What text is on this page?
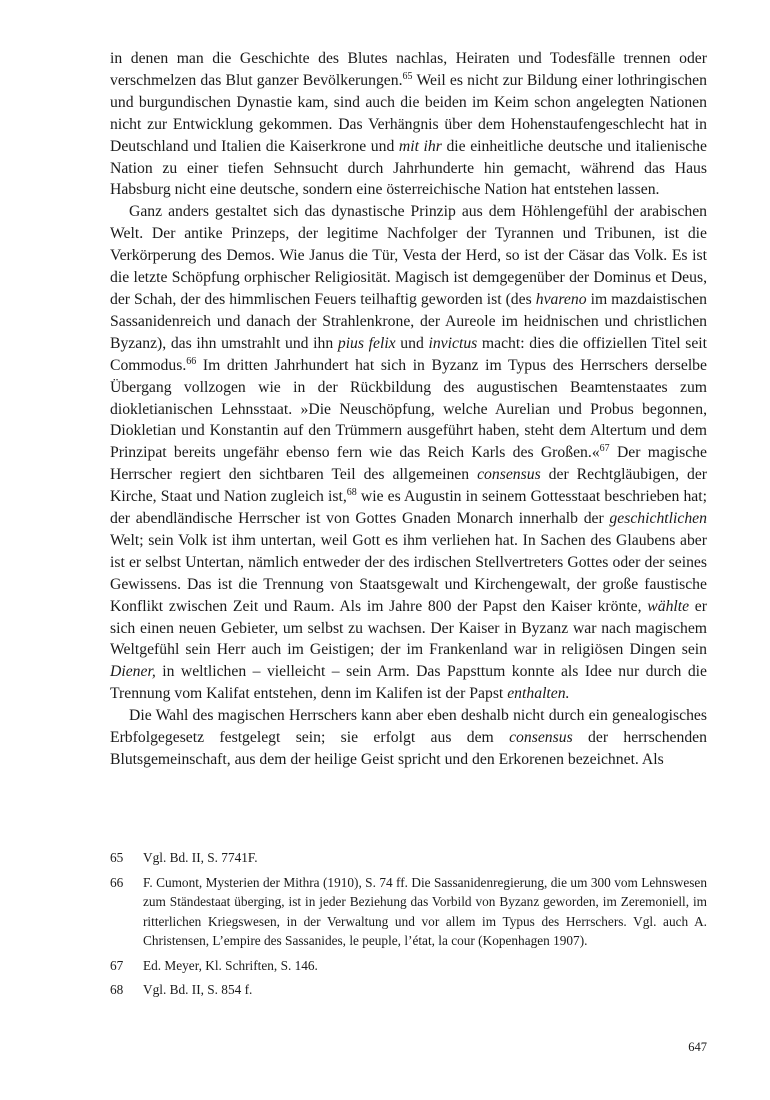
in denen man die Geschichte des Blutes nachlas, Heiraten und Todesfälle trennen oder verschmelzen das Blut ganzer Bevölkerungen.$^{65}$ Weil es nicht zur Bildung einer lothringischen und burgundischen Dynastie kam, sind auch die beiden im Keim schon angelegten Nationen nicht zur Entwicklung gekommen. Das Verhängnis über dem Hohenstaufengeschlecht hat in Deutschland und Italien die Kaiserkrone und mit ihr die einheitliche deutsche und italienische Nation zu einer tiefen Sehnsucht durch Jahrhunderte hin gemacht, während das Haus Habsburg nicht eine deutsche, sondern eine österreichische Nation hat entstehen lassen.

Ganz anders gestaltet sich das dynastische Prinzip aus dem Höhlengefühl der arabischen Welt. Der antike Prinzeps, der legitime Nachfolger der Tyrannen und Tribunen, ist die Verkörperung des Demos. Wie Janus die Tür, Vesta der Herd, so ist der Cäsar das Volk. Es ist die letzte Schöpfung orphischer Religiosität. Magisch ist demgegenüber der Dominus et Deus, der Schah, der des himmlischen Feuers teilhaftig geworden ist (des hvareno im mazdaistischen Sassanidenreich und danach der Strahlenkrone, der Aureole im heidnischen und christlichen Byzanz), das ihn umstrahlt und ihn pius felix und invictus macht: dies die offiziellen Titel seit Commodus.$^{66}$ Im dritten Jahrhundert hat sich in Byzanz im Typus des Herrschers derselbe Übergang vollzogen wie in der Rückbildung des augustischen Beamtenstaates zum diokletianischen Lehnsstaat. »Die Neuschöpfung, welche Aurelian und Probus begonnen, Diokletian und Konstantin auf den Trümmern ausgeführt haben, steht dem Altertum und dem Prinzipat bereits ungefähr ebenso fern wie das Reich Karls des Großen.«$^{67}$ Der magische Herrscher regiert den sichtbaren Teil des allgemeinen consensus der Rechtgläubigen, der Kirche, Staat und Nation zugleich ist,$^{68}$ wie es Augustin in seinem Gottesstaat beschrieben hat; der abendländische Herrscher ist von Gottes Gnaden Monarch innerhalb der geschichtlichen Welt; sein Volk ist ihm untertan, weil Gott es ihm verliehen hat. In Sachen des Glaubens aber ist er selbst Untertan, nämlich entweder der des irdischen Stellvertreters Gottes oder der seines Gewissens. Das ist die Trennung von Staatsgewalt und Kirchengewalt, der große faustische Konflikt zwischen Zeit und Raum. Als im Jahre 800 der Papst den Kaiser krönte, wählte er sich einen neuen Gebieter, um selbst zu wachsen. Der Kaiser in Byzanz war nach magischem Weltgefühl sein Herr auch im Geistigen; der im Frankenland war in religiösen Dingen sein Diener, in weltlichen – vielleicht – sein Arm. Das Papsttum konnte als Idee nur durch die Trennung vom Kalifat entstehen, denn im Kalifen ist der Papst enthalten.

Die Wahl des magischen Herrschers kann aber eben deshalb nicht durch ein genealogisches Erbfolgegesetz festgelegt sein; sie erfolgt aus dem consensus der herrschenden Blutsgemeinschaft, aus dem der heilige Geist spricht und den Erkorenen bezeichnet. Als

65	Vgl. Bd. II, S. 7741F.
66	F. Cumont, Mysterien der Mithra (1910), S. 74 ff. Die Sassanidenregierung, die um 300 vom Lehnswesen zum Ständestaat überging, ist in jeder Beziehung das Vorbild von Byzanz geworden, im Zeremoniell, im ritterlichen Kriegswesen, in der Verwaltung und vor allem im Typus des Herrschers. Vgl. auch A. Christensen, L’empire des Sassanides, le peuple, l’état, la cour (Kopenhagen 1907).
67	Ed. Meyer, Kl. Schriften, S. 146.
68	Vgl. Bd. II, S. 854 f.
647
